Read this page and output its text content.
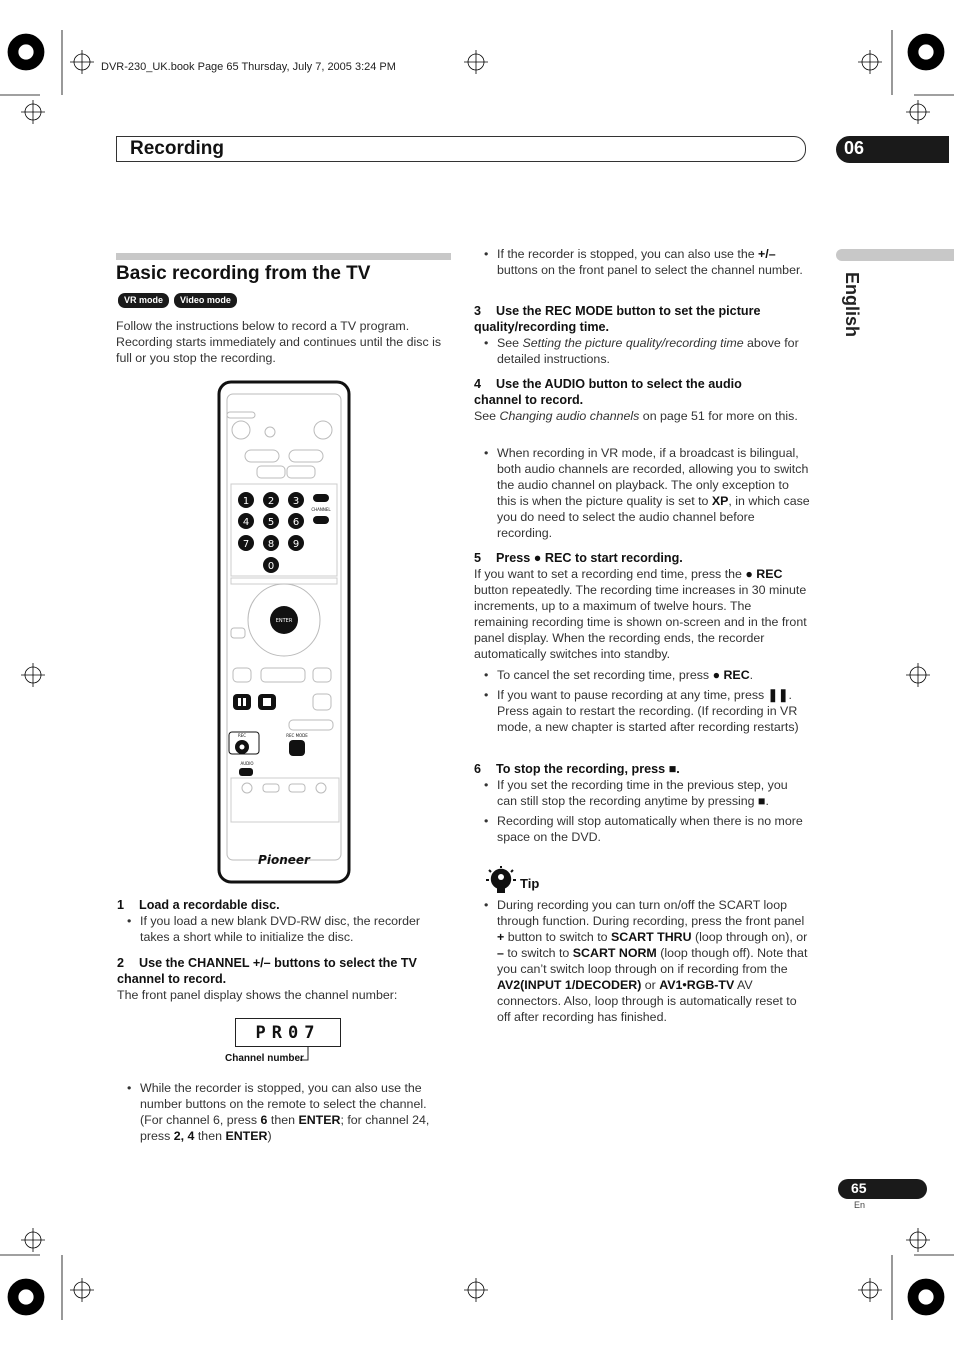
DVR-230_UK.book Page 65 Thursday, July 7, 2005 3:24 PM
Recording	06
English
Basic recording from the TV
VR mode	Video mode
Follow the instructions below to record a TV program. Recording starts immediately and continues until the disc is full or you stop the recording.
1 2 3
4 5 6
7 8 9
0
CHANNEL
ENTER
REC	REC MODE
AUDIO
Pioneer
1 Load a recordable disc.
• If you load a new blank DVD-RW disc, the recorder takes a short while to initialize the disc.
2 Use the CHANNEL +/– buttons to select the TV
channel to record.
The front panel display shows the channel number:
PR07
Channel number
• While the recorder is stopped, you can also use the number buttons on the remote to select the channel. (For channel 6, press 6 then ENTER; for channel 24, press 2, 4 then ENTER)
• If the recorder is stopped, you can also use the +/– buttons on the front panel to select the channel number.
3 Use the REC MODE button to set the picture
quality/recording time.
• See Setting the picture quality/recording time above for detailed instructions.
4 Use the AUDIO button to select the audio
channel to record.
See Changing audio channels on page 51 for more on this.
• When recording in VR mode, if a broadcast is bilingual, both audio channels are recorded, allowing you to switch the audio channel on playback. The only exception to this is when the picture quality is set to XP, in which case you do need to select the audio channel before recording.
5 Press ● REC to start recording.
If you want to set a recording end time, press the ● REC button repeatedly. The recording time increases in 30 minute increments, up to a maximum of twelve hours. The remaining recording time is shown on-screen and in the front panel display. When the recording ends, the recorder automatically switches into standby.
• To cancel the set recording time, press ● REC.
• If you want to pause recording at any time, press ❚❚. Press again to restart the recording. (If recording in VR mode, a new chapter is started after recording restarts)
6 To stop the recording, press ■.
• If you set the recording time in the previous step, you can still stop the recording anytime by pressing ■.
• Recording will stop automatically when there is no more space on the DVD.
Tip
• During recording you can turn on/off the SCART loop through function. During recording, press the front panel + button to switch to SCART THRU (loop through on), or – to switch to SCART NORM (loop though off). Note that you can’t switch loop through on if recording from the AV2(INPUT 1/DECODER) or AV1•RGB-TV AV connectors. Also, loop through is automatically reset to off after recording has finished.
65
En
